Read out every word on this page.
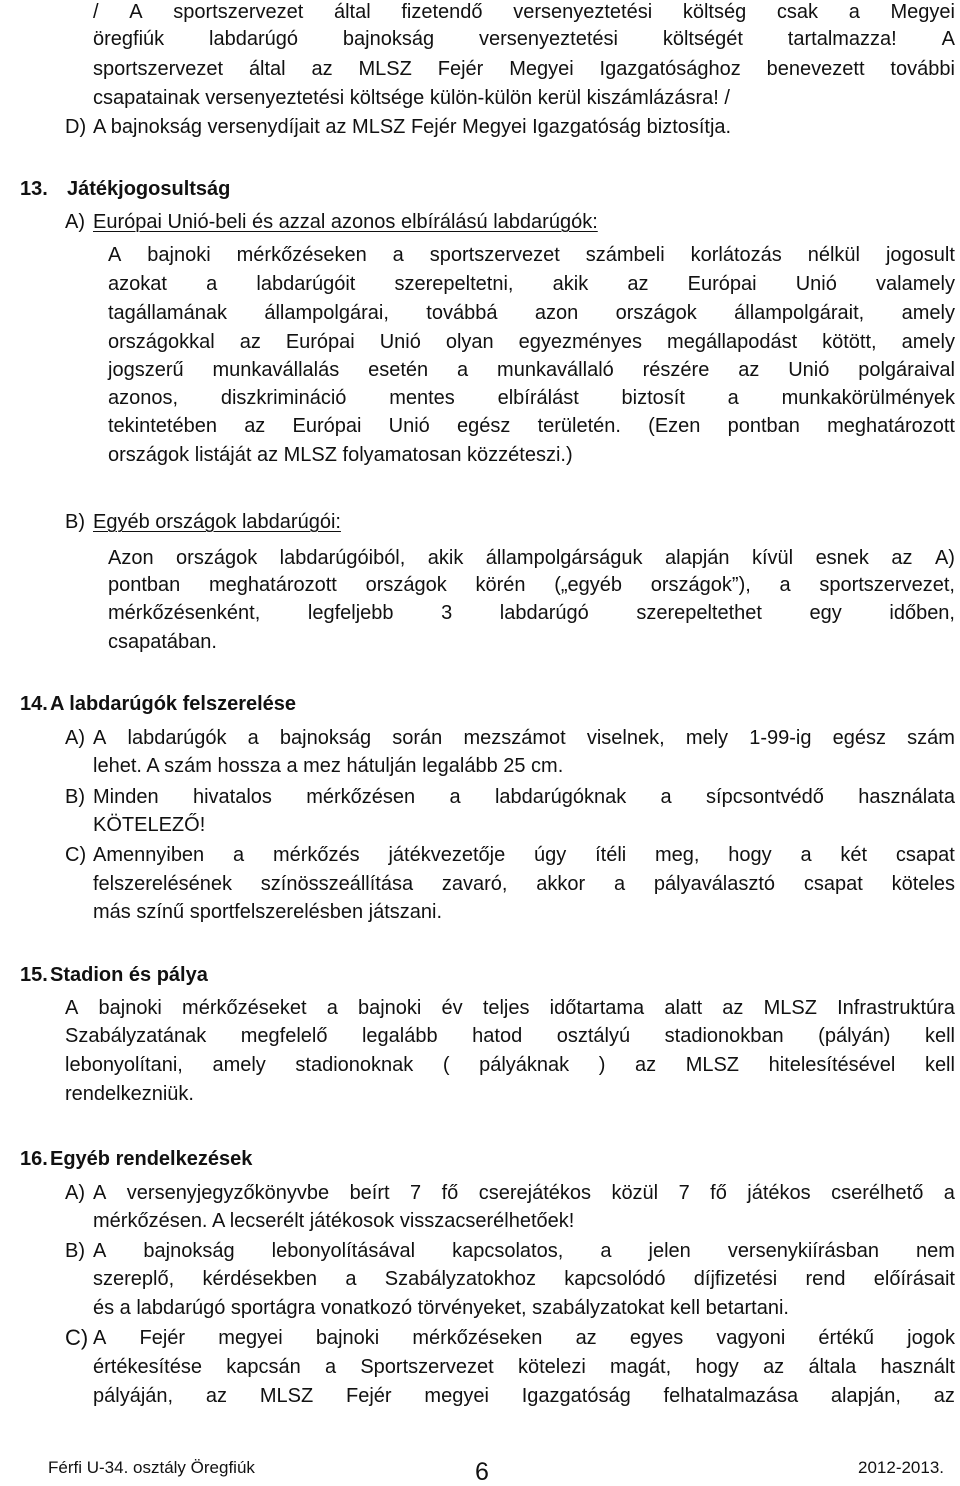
/ A sportszervezet által fizetendő versenyeztetési költség csak a Megyei
öregfiúk labdarúgó bajnokság versenyeztetési költségét tartalmazza! A
sportszervezet által az MLSZ Fejér Megyei Igazgatósághoz benevezett további
csapatainak versenyeztetési költsége külön-külön kerül kiszámlázásra! /
D) A bajnokság versenydíjait az MLSZ Fejér Megyei Igazgatóság biztosítja.
13. Játékjogosultság
A) Európai Unió-beli és azzal azonos elbírálású labdarúgók:
A bajnoki mérkőzéseken a sportszervezet számbeli korlátozás nélkül jogosult
azokat a labdarúgóit szerepeltetni, akik az Európai Unió valamely
tagállamának állampolgárai, továbbá azon országok állampolgárait, amely
országokkal az Európai Unió olyan egyezményes megállapodást kötött, amely
jogszerű munkavállalás esetén a munkavállaló részére az Unió polgáraival
azonos, diszkrimináció mentes elbírálást biztosít a munkakörülmények
tekintetében az Európai Unió egész területén. (Ezen pontban meghatározott
országok listáját az MLSZ folyamatosan közzéteszi.)
B) Egyéb országok labdarúgói:
Azon országok labdarúgóiból, akik állampolgárságuk alapján kívül esnek az A)
pontban meghatározott országok körén („egyéb országok”), a sportszervezet,
mérkőzésenként, legfeljebb 3 labdarúgó szerepeltethet egy időben,
csapatában.
14. A labdarúgók felszerelése
A) A labdarúgók a bajnokság során mezszámot viselnek, mely 1-99-ig egész szám
lehet. A szám hossza a mez hátulján legalább 25 cm.
B) Minden hivatalos mérkőzésen a labdarúgóknak a sípcsontvédő használata
KÖTELEZŐ!
C) Amennyiben a mérkőzés játékvezetője úgy ítéli meg, hogy a két csapat
felszerelésének színösszeállítása zavaró, akkor a pályaválasztó csapat köteles
más színű sportfelszerelésben játszani.
15. Stadion és pálya
A bajnoki mérkőzéseket a bajnoki év teljes időtartama alatt az MLSZ Infrastruktúra
Szabályzatának megfelelő legalább hatod osztályú stadionokban (pályán) kell
lebonyolítani, amely stadionoknak ( pályáknak ) az MLSZ hitelesítésével kell
rendelkezniük.
16. Egyéb rendelkezések
A) A versenyjegyzőkönyvbe beírt 7 fő cserejátékos közül 7 fő játékos cserélhető a
mérkőzésen. A lecserélt játékosok visszacserélhetőek!
B) A bajnokság lebonyolításával kapcsolatos, a jelen versenykiírásban nem
szereplő, kérdésekben a Szabályzatokhoz kapcsolódó díjfizetési rend előírásait
és a labdarúgó sportágra vonatkozó törvényeket, szabályzatokat kell betartani.
C) A Fejér megyei bajnoki mérkőzéseken az egyes vagyoni értékű jogok
értékesítése kapcsán a Sportszervezet kötelezi magát, hogy az általa használt
pályáján, az MLSZ Fejér megyei Igazgatóság felhatalmazása alapján, az
Férfi U-34. osztály Öregfiúk	6	2012-2013.
